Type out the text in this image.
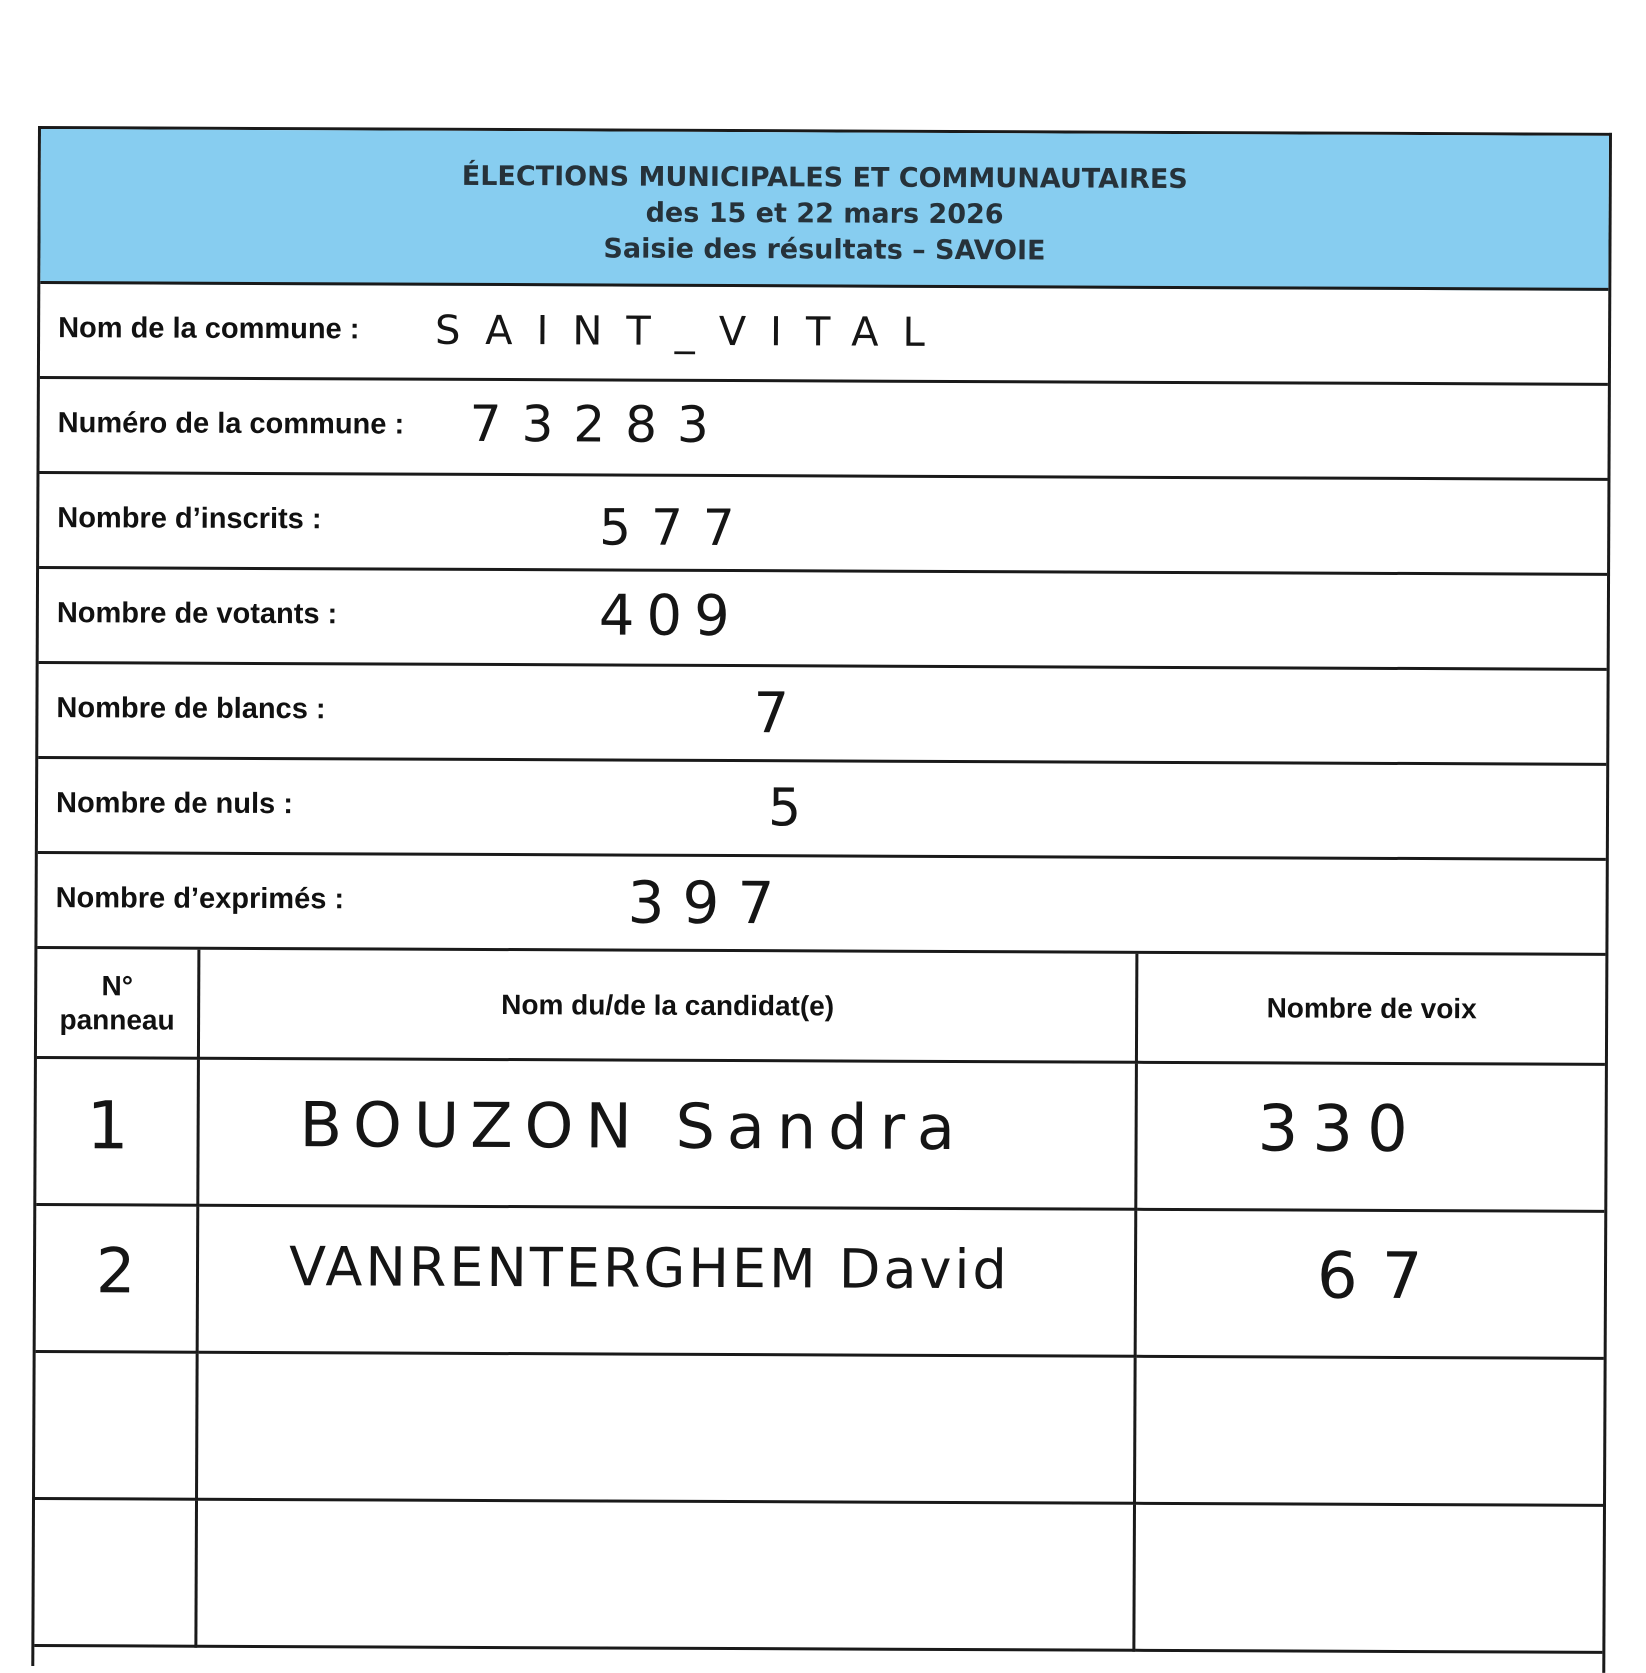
ÉLECTIONS MUNICIPALES ET COMMUNAUTAIRES
des 15 et 22 mars 2026
Saisie des résultats – SAVOIE
Nom de la commune : SAINT_VITAL
Numéro de la commune : 73283
Nombre d’inscrits :	577
Nombre de votants :	409
Nombre de blancs :	7
Nombre de nuls :	5
Nombre d’exprimés :	397
N°
panneau	Nom du/de la candidat(e)	Nombre de voix
1 BOUZON Sandra	330
2 VANRENTERGHEM David	67
